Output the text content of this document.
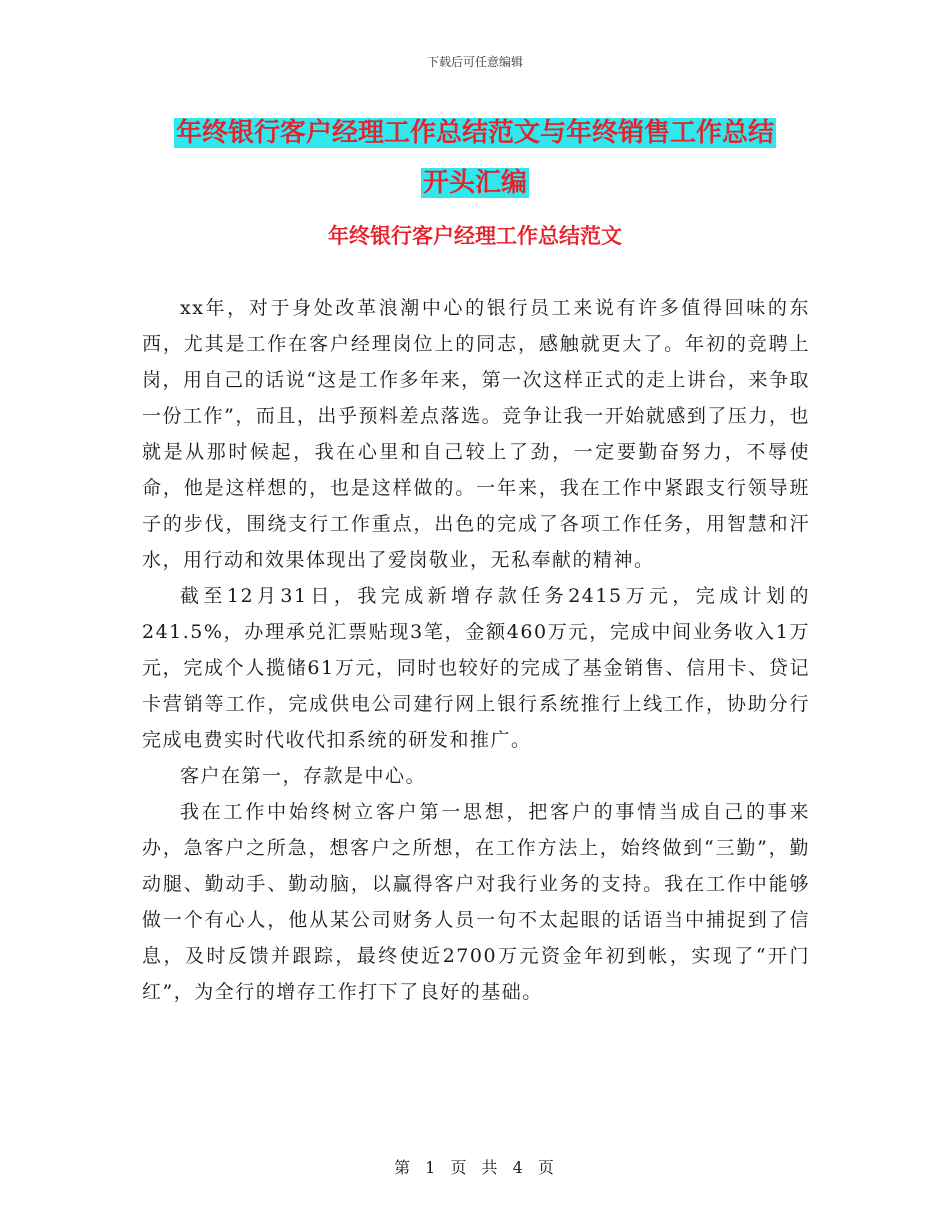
下载后可任意编辑
年终银行客户经理工作总结范文与年终销售工作总结
开头汇编
年终银行客户经理工作总结范文

xx年，对于身处改革浪潮中心的银行员工来说有许多值得回味的东西，尤其是工作在客户经理岗位上的同志，感触就更大了。年初的竞聘上岗，用自己的话说“这是工作多年来，第一次这样正式的走上讲台，来争取一份工作”，而且，出乎预料差点落选。竞争让我一开始就感到了压力，也就是从那时候起，我在心里和自己较上了劲，一定要勤奋努力，不辱使命，他是这样想的，也是这样做的。一年来，我在工作中紧跟支行领导班子的步伐，围绕支行工作重点，出色的完成了各项工作任务，用智慧和汗水，用行动和效果体现出了爱岗敬业，无私奉献的精神。

截至12月31日，我完成新增存款任务2415万元，完成计划的241.5%，办理承兑汇票贴现3笔，金额460万元，完成中间业务收入1万元，完成个人揽储61万元，同时也较好的完成了基金销售、信用卡、贷记卡营销等工作，完成供电公司建行网上银行系统推行上线工作，协助分行完成电费实时代收代扣系统的研发和推广。

客户在第一，存款是中心。

我在工作中始终树立客户第一思想，把客户的事情当成自己的事来办，急客户之所急，想客户之所想，在工作方法上，始终做到“三勤”，勤动腿、勤动手、勤动脑，以赢得客户对我行业务的支持。我在工作中能够做一个有心人，他从某公司财务人员一句不太起眼的话语当中捕捉到了信息，及时反馈并跟踪，最终使近2700万元资金年初到帐，实现了“开门红”，为全行的增存工作打下了良好的基础。

第 1 页 共 4 页
